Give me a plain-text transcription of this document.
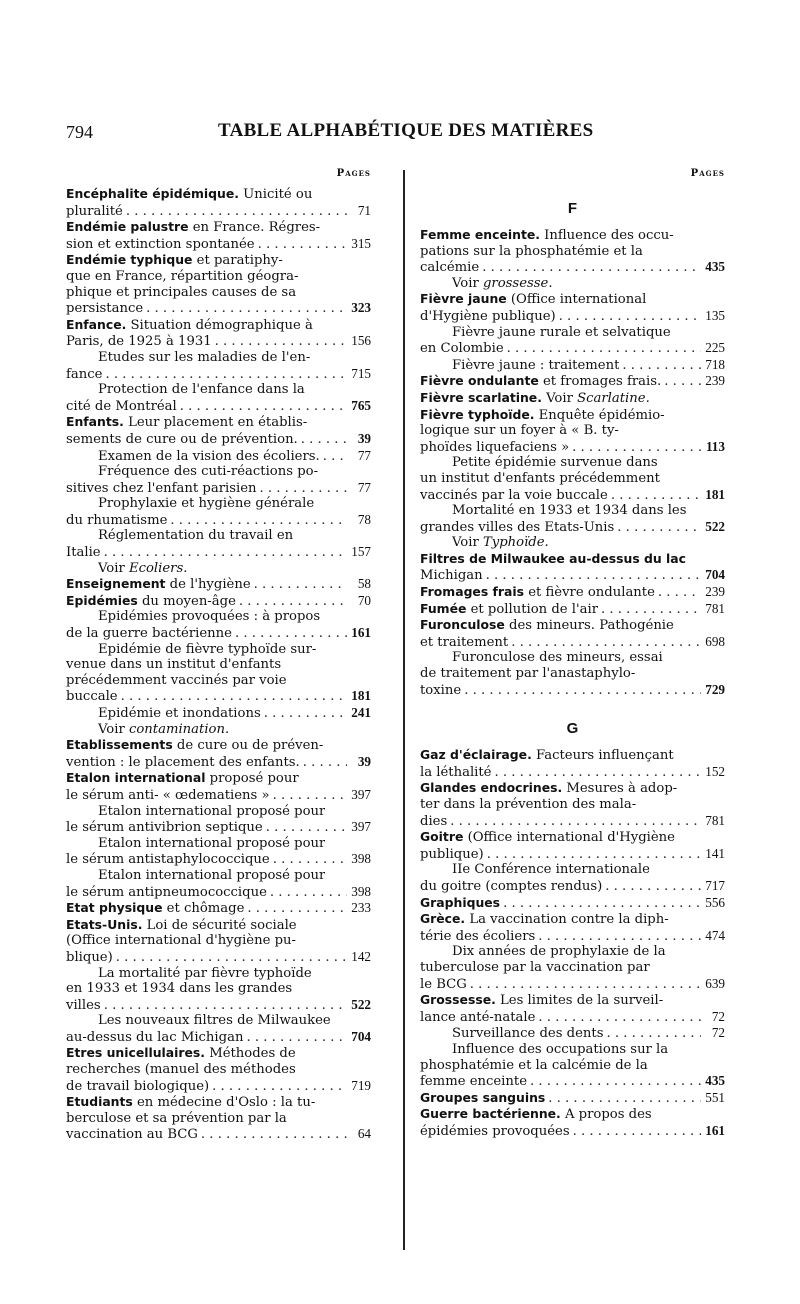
794	TABLE ALPHABÉTIQUE DES MATIÈRES
Pages
Encéphalite épidémique. Unicité ou
pluralité . . .	71
Endémie palustre en France. Régres-
sion et extinction spontanée . . .	315
Endémie typhique et paratiphy-
que en France, répartition géogra-
phique et principales causes de sa
persistance . . .	323
Enfance. Situation démographique à
Paris, de 1925 à 1931 . . .	156
Etudes sur les maladies de l'en-
fance . . .	715
Protection de l'enfance dans la
cité de Montréal . . .	765
Enfants. Leur placement en établis-
sements de cure ou de prévention. . . .	39
Examen de la vision des écoliers. . . .	77
Fréquence des cuti-réactions po-
sitives chez l'enfant parisien . . .	77
Prophylaxie et hygiène générale
du rhumatisme . . .	78
Réglementation du travail en
Italie . . .	157
Voir Ecoliers.
Enseignement de l'hygiène . . .	58
Epidémies du moyen-âge . . .	70
Epidémies provoquées : à propos
de la guerre bactérienne . . .	161
Epidémie de fièvre typhoïde sur-
venue dans un institut d'enfants
précédemment vaccinés par voie
buccale . . .	181
Epidémie et inondations . . .	241
Voir contamination.
Etablissements de cure ou de préven-
vention : le placement des enfants. . . .	39
Etalon international proposé pour
le sérum anti- « œdematiens » . . .	397
Etalon international proposé pour
le sérum antivibrion septique . . .	397
Etalon international proposé pour
le sérum antistaphylococcique . . .	398
Etalon international proposé pour
le sérum antipneumococcique . . .	398
Etat physique et chômage . . .	233
Etats-Unis. Loi de sécurité sociale
(Office international d'hygiène pu-
blique) . . .	142
La mortalité par fièvre typhoïde
en 1933 et 1934 dans les grandes
villes . . .	522
Les nouveaux filtres de Milwaukee
au-dessus du lac Michigan . . .	704
Etres unicellulaires. Méthodes de
recherches (manuel des méthodes
de travail biologique) . . .	719
Etudiants en médecine d'Oslo : la tu-
berculose et sa prévention par la
vaccination au BCG . . .	64
Pages
F
Femme enceinte. Influence des occu-
pations sur la phosphatémie et la
calcémie . . .	435
Voir grossesse.
Fièvre jaune (Office international
d'Hygiène publique) . . .	135
Fièvre jaune rurale et selvatique
en Colombie . . .	225
Fièvre jaune : traitement . . .	718
Fièvre ondulante et fromages frais. . . .	239
Fièvre scarlatine. Voir Scarlatine.
Fièvre typhoïde. Enquête épidémio-
logique sur un foyer à « B. ty-
phoïdes liquefaciens » . . .	113
Petite épidémie survenue dans
un institut d'enfants précédemment
vaccinés par la voie buccale . . .	181
Mortalité en 1933 et 1934 dans les
grandes villes des Etats-Unis . . .	522
Voir Typhoïde.
Filtres de Milwaukee au-dessus du lac
Michigan . . .	704
Fromages frais et fièvre ondulante . . .	239
Fumée et pollution de l'air . . .	781
Furonculose des mineurs. Pathogénie
et traitement . . .	698
Furonculose des mineurs, essai
de traitement par l'anastaphylo-
toxine . . .	729
G
Gaz d'éclairage. Facteurs influençant
la léthalité . . .	152
Glandes endocrines. Mesures à adop-
ter dans la prévention des mala-
dies . . .	781
Goitre (Office international d'Hygiène
publique) . . .	141
IIe Conférence internationale
du goitre (comptes rendus) . . .	717
Graphiques . . .	556
Grèce. La vaccination contre la diph-
térie des écoliers . . .	474
Dix années de prophylaxie de la
tuberculose par la vaccination par
le BCG . . .	639
Grossesse. Les limites de la surveil-
lance anté-natale . . .	72
Surveillance des dents . . .	72
Influence des occupations sur la
phosphatémie et la calcémie de la
femme enceinte . . .	435
Groupes sanguins . . .	551
Guerre bactérienne. A propos des
épidémies provoquées . . .	161
